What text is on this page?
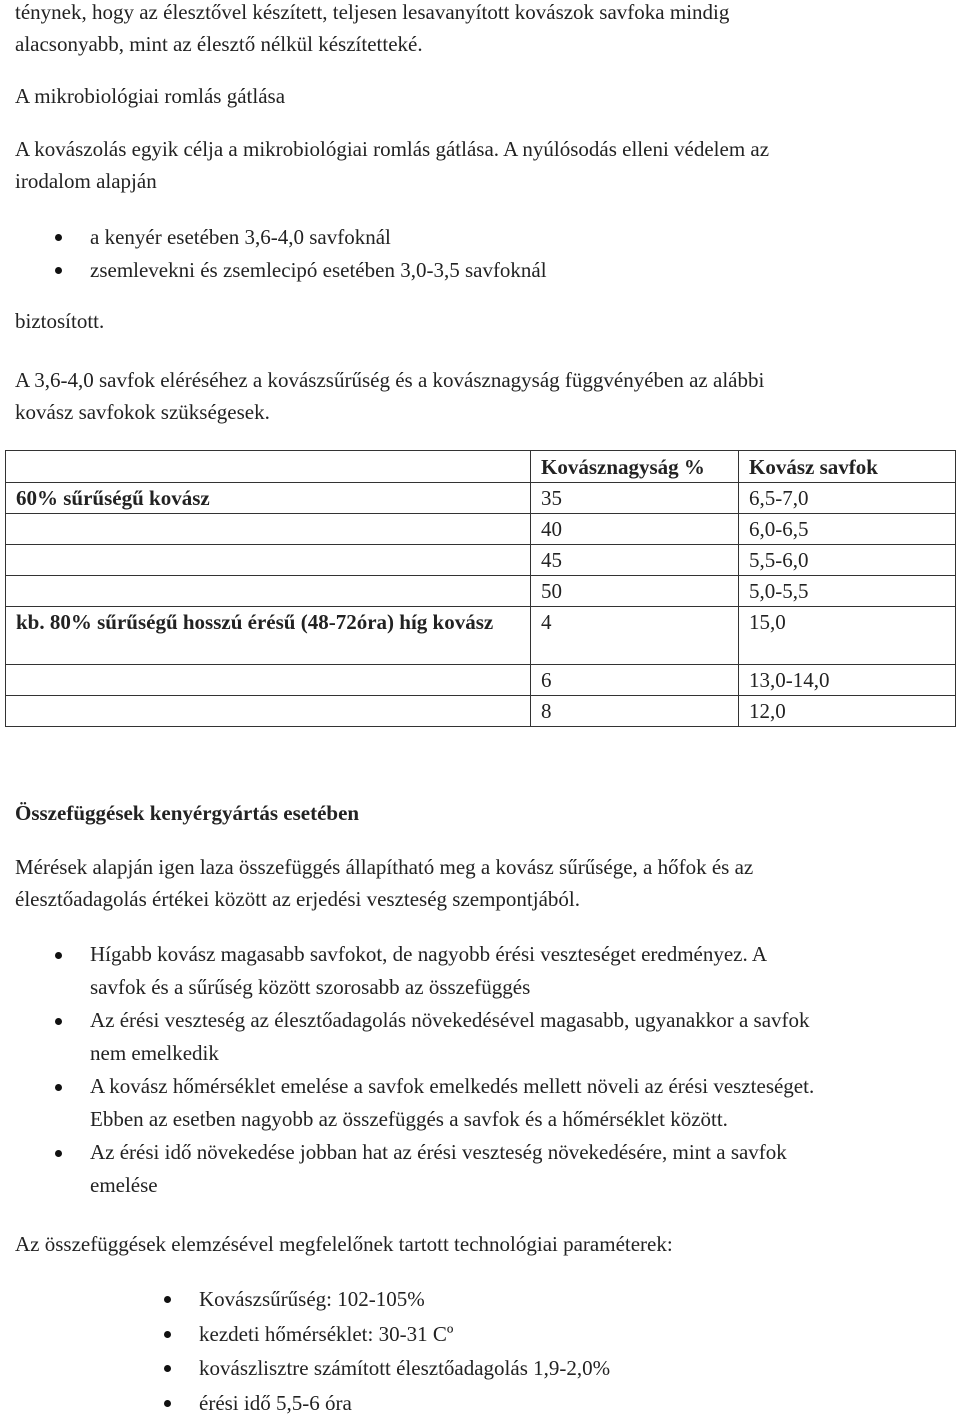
ténynek, hogy az élesztővel készített, teljesen lesavanyított kovászok savfoka mindig
alacsonyabb, mint az élesztő nélkül készítetteké.

A mikrobiológiai romlás gátlása

A kovászolás egyik célja a mikrobiológiai romlás gátlása. A nyúlósodás elleni védelem az
irodalom alapján

a kenyér esetében 3,6-4,0 savfoknál
zsemlevekni és zsemlecipó esetében 3,0-3,5 savfoknál

biztosított.

A 3,6-4,0 savfok eléréséhez a kovászsűrűség és a kovásznagyság függvényében az alábbi
kovász savfokok szükségesek.

	Kovásznagyság %	Kovász savfok
60% sűrűségű kovász	35	6,5-7,0
	40	6,0-6,5
	45	5,5-6,0
	50	5,0-5,5
kb. 80% sűrűségű hosszú érésű (48-72óra) híg kovász	4	15,0
	6	13,0-14,0
	8	12,0

Összefüggések kenyérgyártás esetében

Mérések alapján igen laza összefüggés állapítható meg a kovász sűrűsége, a hőfok és az
élesztőadagolás értékei között az erjedési veszteség szempontjából.

Hígabb kovász magasabb savfokot, de nagyobb érési veszteséget eredményez. A
savfok és a sűrűség között szorosabb az összefüggés
Az érési veszteség az élesztőadagolás növekedésével magasabb, ugyanakkor a savfok
nem emelkedik
A kovász hőmérséklet emelése a savfok emelkedés mellett növeli az érési veszteséget.
Ebben az esetben nagyobb az összefüggés a savfok és a hőmérséklet között.
Az érési idő növekedése jobban hat az érési veszteség növekedésére, mint a savfok
emelése

Az összefüggések elemzésével megfelelőnek tartott technológiai paraméterek:

Kovászsűrűség: 102-105%
kezdeti hőmérséklet: 30-31 Cº
kovászlisztre számított élesztőadagolás 1,9-2,0%
érési idő 5,5-6 óra
